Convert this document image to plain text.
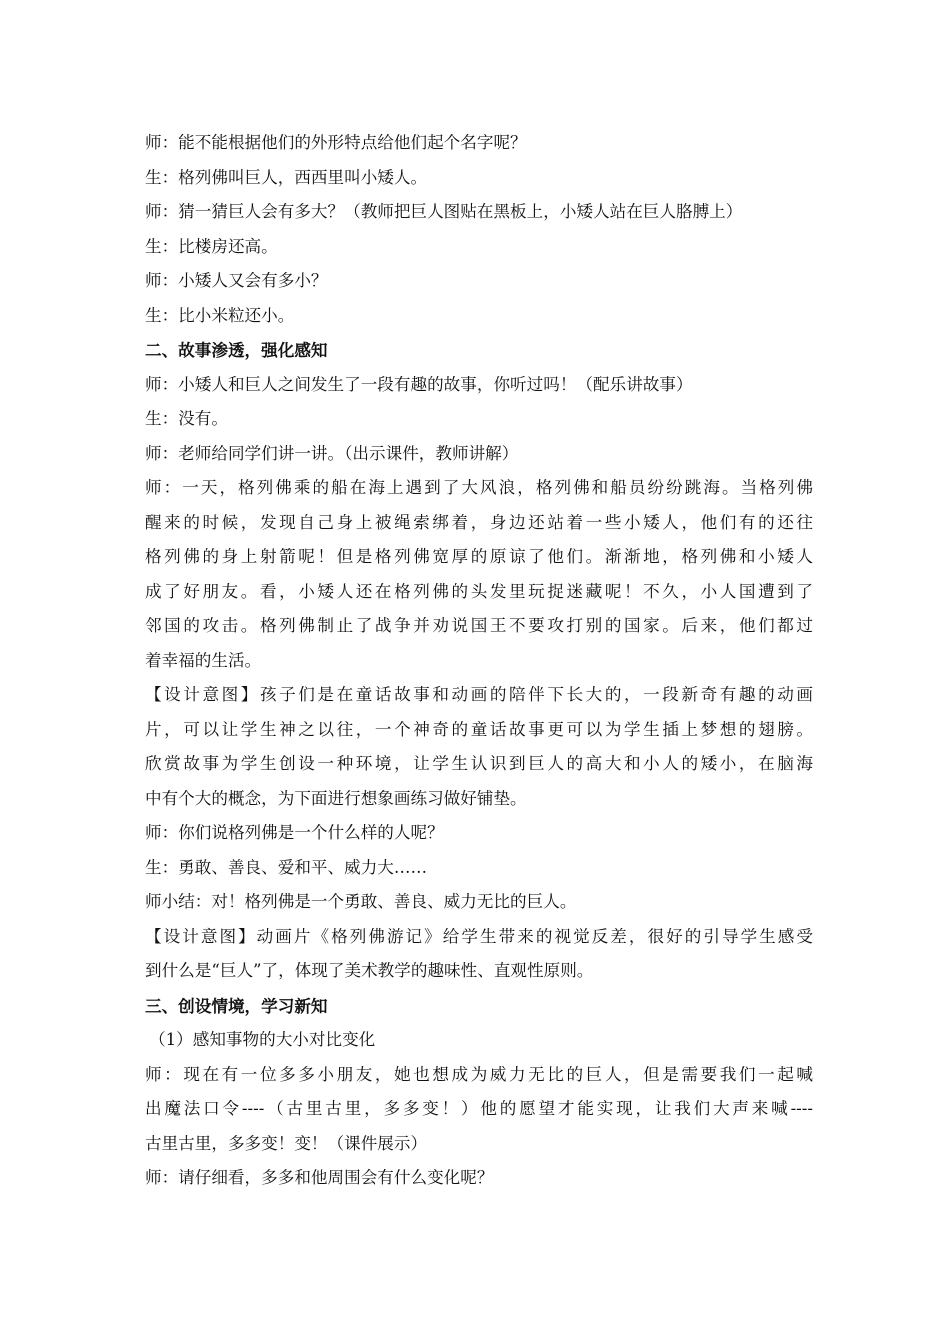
师：能不能根据他们的外形特点给他们起个名字呢？
生：格列佛叫巨人，西西里叫小矮人。
师：猜一猜巨人会有多大？（教师把巨人图贴在黑板上，小矮人站在巨人胳膊上）
生：比楼房还高。
师：小矮人又会有多小？
生：比小米粒还小。
二、故事渗透，强化感知
师：小矮人和巨人之间发生了一段有趣的故事，你听过吗！（配乐讲故事）
生：没有。
师：老师给同学们讲一讲。（出示课件，教师讲解）
师：一天，格列佛乘的船在海上遇到了大风浪，格列佛和船员纷纷跳海。当格列佛
醒来的时候，发现自己身上被绳索绑着，身边还站着一些小矮人，他们有的还往
格列佛的身上射箭呢！但是格列佛宽厚的原谅了他们。渐渐地，格列佛和小矮人
成了好朋友。看，小矮人还在格列佛的头发里玩捉迷藏呢！不久，小人国遭到了
邻国的攻击。格列佛制止了战争并劝说国王不要攻打别的国家。后来，他们都过
着幸福的生活。
【设计意图】孩子们是在童话故事和动画的陪伴下长大的，一段新奇有趣的动画
片，可以让学生神之以往，一个神奇的童话故事更可以为学生插上梦想的翅膀。
欣赏故事为学生创设一种环境，让学生认识到巨人的高大和小人的矮小，在脑海
中有个大的概念，为下面进行想象画练习做好铺垫。
师：你们说格列佛是一个什么样的人呢？
生：勇敢、善良、爱和平、威力大……
师小结：对！格列佛是一个勇敢、善良、威力无比的巨人。
【设计意图】动画片《格列佛游记》给学生带来的视觉反差，很好的引导学生感受
到什么是“巨人”了，体现了美术教学的趣味性、直观性原则。
三、创设情境，学习新知
（1）感知事物的大小对比变化
师：现在有一位多多小朋友，她也想成为威力无比的巨人，但是需要我们一起喊
出魔法口令----（古里古里，多多变！）他的愿望才能实现，让我们大声来喊----
古里古里，多多变！变！（课件展示）
师：请仔细看，多多和他周围会有什么变化呢？
